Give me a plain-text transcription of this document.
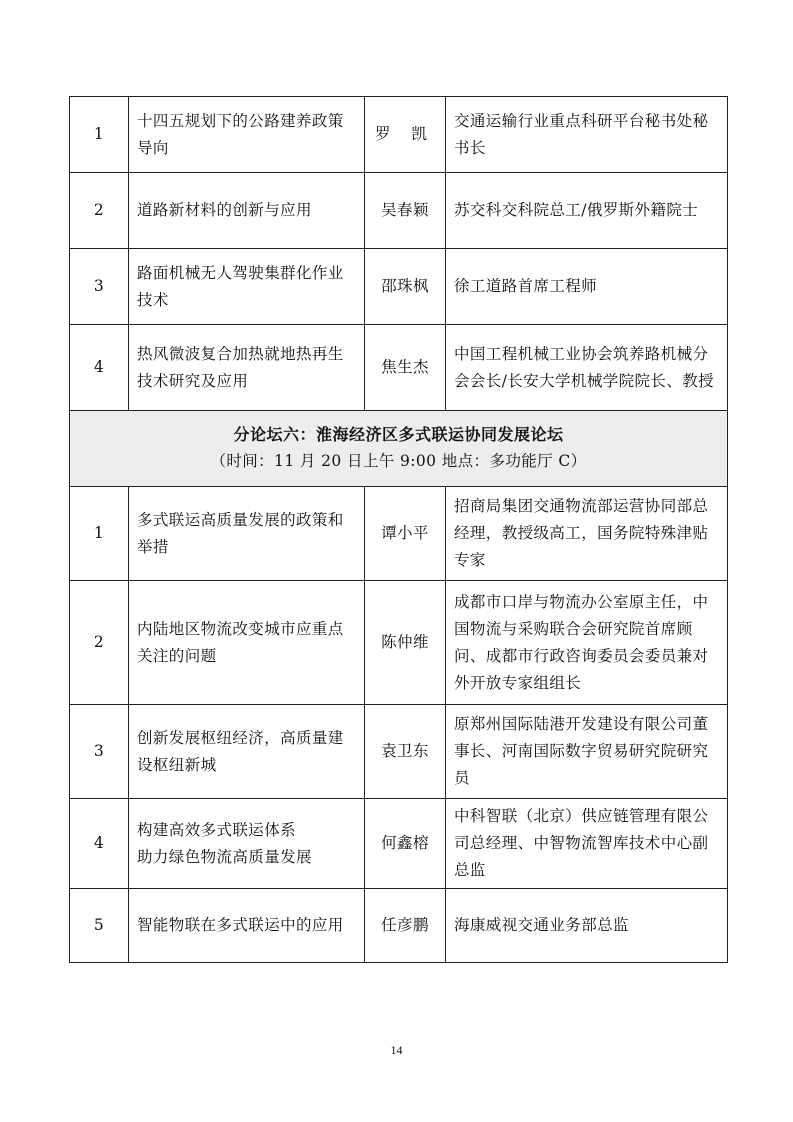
1	十四五规划下的公路建养政策导向	罗 凯	交通运输行业重点科研平台秘书处秘书长
2	道路新材料的创新与应用	吴春颖	苏交科交科院总工/俄罗斯外籍院士
3	路面机械无人驾驶集群化作业技术	邵珠枫	徐工道路首席工程师
4	热风微波复合加热就地热再生技术研究及应用	焦生杰	中国工程机械工业协会筑养路机械分会会长/长安大学机械学院院长、教授

分论坛六：淮海经济区多式联运协同发展论坛
（时间：11 月 20 日上午 9:00 地点：多功能厅 C）			

1	多式联运高质量发展的政策和举措	谭小平	招商局集团交通物流部运营协同部总经理，教授级高工，国务院特殊津贴专家
2	内陆地区物流改变城市应重点关注的问题	陈仲维	成都市口岸与物流办公室原主任，中国物流与采购联合会研究院首席顾问、成都市行政咨询委员会委员兼对外开放专家组组长
3	创新发展枢纽经济，高质量建设枢纽新城	袁卫东	原郑州国际陆港开发建设有限公司董事长、河南国际数字贸易研究院研究员
4	构建高效多式联运体系
助力绿色物流高质量发展	何鑫榕	中科智联（北京）供应链管理有限公司总经理、中智物流智库技术中心副总监
5	智能物联在多式联运中的应用	任彦鹏	海康威视交通业务部总监
14
